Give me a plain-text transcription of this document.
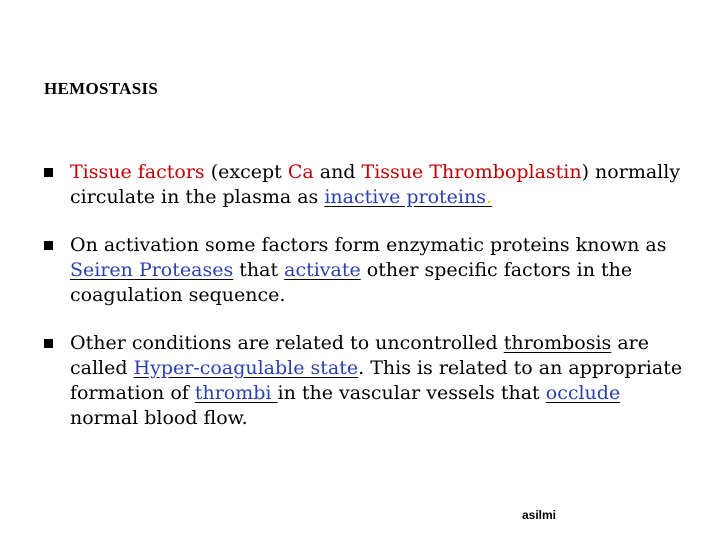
HEMOSTASIS
Tissue factors (except Ca and Tissue Thromboplastin) normally circulate in the plasma as inactive proteins.
On activation some factors form enzymatic proteins known as Seiren Proteases that activate other specific factors in the coagulation sequence.
Other conditions are related to uncontrolled thrombosis are called Hyper-coagulable state. This is related to an appropriate formation of thrombi in the vascular vessels that occlude normal blood flow.
asilmi
